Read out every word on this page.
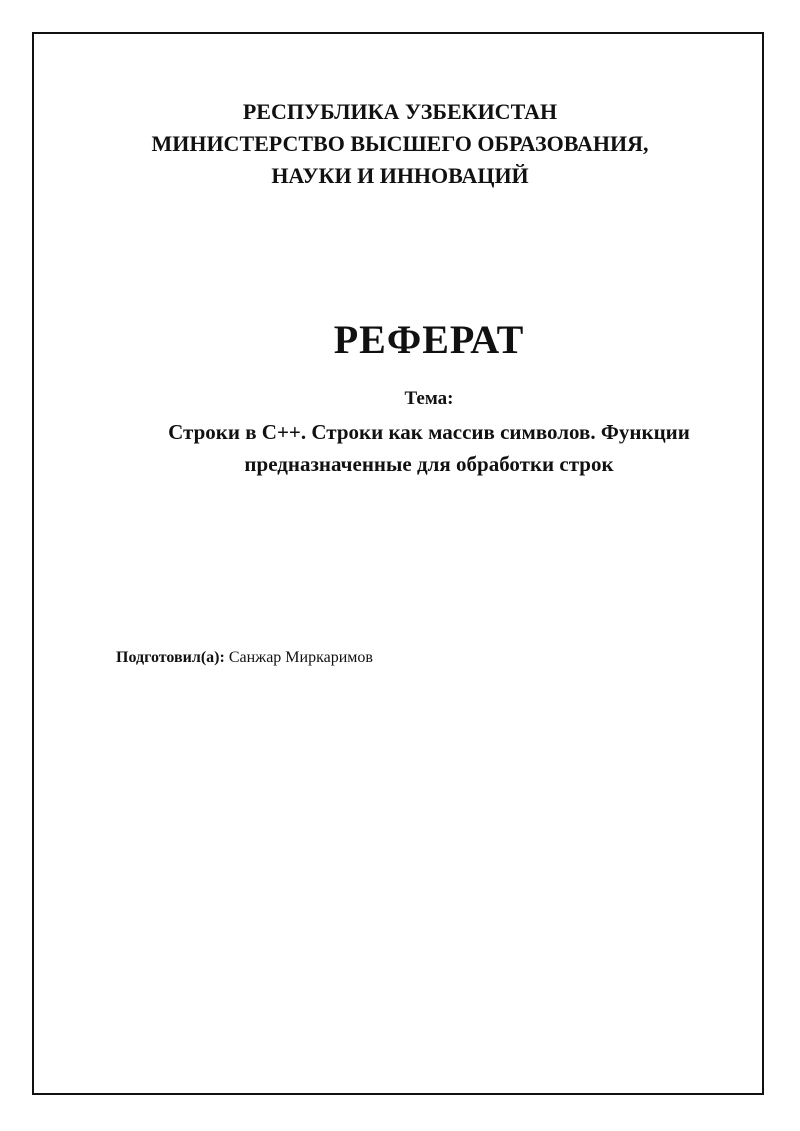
РЕСПУБЛИКА УЗБЕКИСТАН
МИНИСТЕРСТВО ВЫСШЕГО ОБРАЗОВАНИЯ,
НАУКИ И ИННОВАЦИЙ
РЕФЕРАТ
Тема:
Строки в С++. Строки как массив символов. Функции
предназначенные для обработки строк
Подготовил(а): Санжар Миркаримов
